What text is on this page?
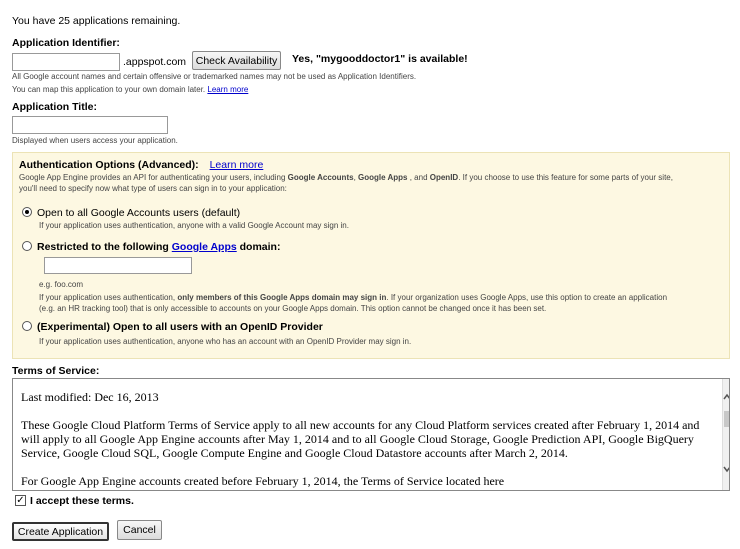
You have 25 applications remaining.
Application Identifier:
.appspot.com Check Availability	Yes, "mygooddoctor1" is available!
All Google account names and certain offensive or trademarked names may not be used as Application Identifiers.
You can map this application to your own domain later. Learn more
Application Title:
Displayed when users access your application.
Authentication Options (Advanced): Learn more
Google App Engine provides an API for authenticating your users, including Google Accounts, Google Apps , and OpenID. If you choose to use this feature for some parts of your site,
you'll need to specify now what type of users can sign in to your application:
Open to all Google Accounts users (default)
If your application uses authentication, anyone with a valid Google Account may sign in.
Restricted to the following Google Apps domain:
e.g. foo.com
If your application uses authentication, only members of this Google Apps domain may sign in. If your organization uses Google Apps, use this option to create an application
(e.g. an HR tracking tool) that is only accessible to accounts on your Google Apps domain. This option cannot be changed once it has been set.
(Experimental) Open to all users with an OpenID Provider
If your application uses authentication, anyone who has an account with an OpenID Provider may sign in.
Terms of Service:
Last modified: Dec 16, 2013
These Google Cloud Platform Terms of Service apply to all new accounts for any Cloud Platform services created after February 1, 2014 and
will apply to all Google App Engine accounts after May 1, 2014 and to all Google Cloud Storage, Google Prediction API, Google BigQuery
Service, Google Cloud SQL, Google Compute Engine and Google Cloud Datastore accounts after March 2, 2014.
For Google App Engine accounts created before February 1, 2014, the Terms of Service located here
✓ I accept these terms.
Create Application	Cancel
